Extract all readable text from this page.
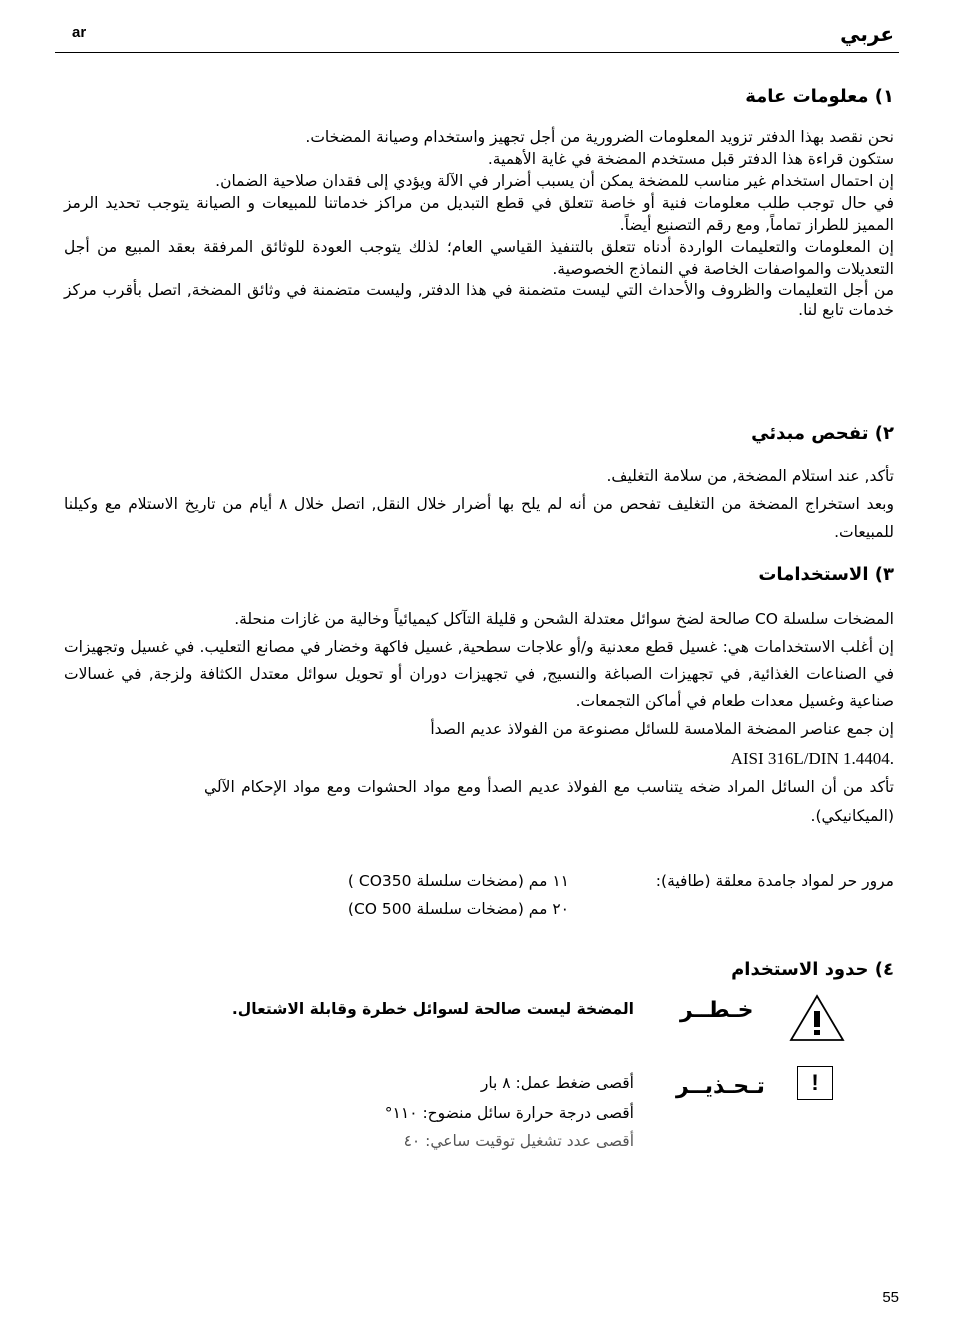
ar	عربي
١) معلومات عامة
نحن نقصد بهذا الدفتر تزويد المعلومات الضرورية من أجل تجهيز واستخدام وصيانة المضخات.
ستكون قراءة هذا الدفتر قبل مستخدم المضخة في غاية الأهمية.
إن احتمال استخدام غير مناسب للمضخة يمكن أن يسبب أضرار في الآلة ويؤدي إلى فقدان صلاحية الضمان.
في حال توجب طلب معلومات فنية أو خاصة تتعلق في قطع التبديل من مراكز خدماتنا للمبيعات و الصيانة يتوجب تحديد الرمز المميز للطراز تماماً, ومع رقم التصنيع أيضاً.
إن المعلومات والتعليمات الواردة أدناه تتعلق بالتنفيذ القياسي العام؛ لذلك يتوجب العودة للوثائق المرفقة بعقد المبيع من أجل التعديلات والمواصفات الخاصة في النماذج الخصوصية.
من أجل التعليمات والظروف والأحداث التي ليست متضمنة في هذا الدفتر, وليست متضمنة في وثائق المضخة, اتصل بأقرب مركز خدمات تابع لنا.
٢) تفحص مبدئي
تأكد, عند استلام المضخة, من سلامة التغليف.
وبعد استخراج المضخة من التغليف تفحص من أنه لم يلح بها أضرار خلال النقل, اتصل خلال ٨ أيام من تاريخ الاستلام مع وكيلنا للمبيعات.
٣) الاستخدامات
المضخات سلسلة CO صالحة لضخ سوائل معتدلة الشحن و قليلة التآكل كيميائياً وخالية من غازات منحلة.
إن أغلب الاستخدامات هي: غسيل قطع معدنية و/أو علاجات سطحية, غسيل فاكهة وخضار في مصانع التعليب. في غسيل وتجهيزات في الصناعات الغذائية, في تجهيزات الصباغة والنسيج, في تجهيزات دوران أو تحويل سوائل معتدل الكثافة ولزجة, في غسالات صناعية وغسيل معدات طعام في أماكن التجمعات.
إن جمع عناصر المضخة الملامسة للسائل مصنوعة من الفولاذ عديم الصدأ
.AISI 316L/DIN 1.4404
تأكد من أن السائل المراد ضخه يتناسب مع الفولاذ عديم الصدأ ومع مواد الحشوات ومع مواد الإحكام الآلي (الميكانيكي).
مرور حر لمواد جامدة معلقة (طافية):
١١ مم (مضخات سلسلة CO350 )
٢٠ مم (مضخات سلسلة CO 500)
٤) حدود الاستخدام
خـطــر
المضخة ليست صالحة لسوائل خطرة وقابلة الاشتعال.
!
تـحـذيــر
أقصى ضغط عمل: ٨ بار
أقصى درجة حرارة سائل منضوح: ١١٠°
أقصى عدد تشغيل توقيت ساعي: ٤٠
55
